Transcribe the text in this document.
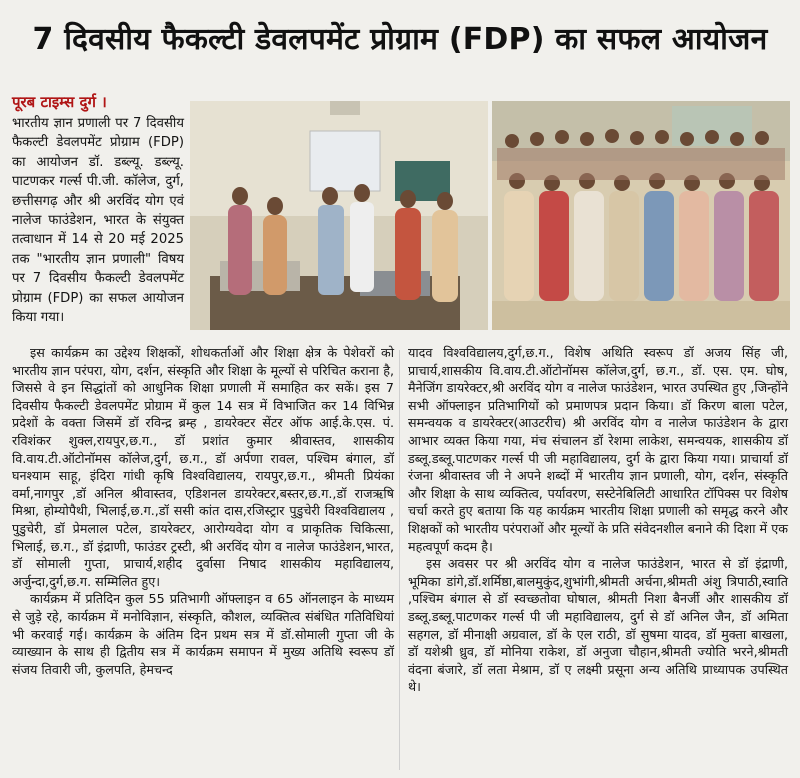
7 दिवसीय फैकल्टी डेवलपमेंट प्रोग्राम (FDP) का सफल आयोजन
पूरब टाइम्स दुर्ग ।

भारतीय ज्ञान प्रणाली पर 7 दिवसीय फैकल्टी डेवलपमेंट प्रोग्राम (FDP) का आयोजन डॉ. डब्ल्यू. डब्ल्यू. पाटणकर गर्ल्स पी.जी. कॉलेज, दुर्ग, छत्तीसगढ़ और श्री अरविंद योग एवं नालेज फाउंडेशन, भारत के संयुक्त तत्वाधान में 14 से 20 मई 2025 तक "भारतीय ज्ञान प्रणाली" विषय पर 7 दिवसीय फैकल्टी डेवलपमेंट प्रोग्राम (FDP) का सफल आयोजन किया गया।

इस कार्यक्रम का उद्देश्य शिक्षकों, शोधकर्ताओं और शिक्षा क्षेत्र के पेशेवरों को भारतीय ज्ञान परंपरा, योग, दर्शन, संस्कृति और शिक्षा के मूल्यों से परिचित कराना है, जिससे वे इन सिद्धांतों को आधुनिक शिक्षा प्रणाली में समाहित कर सकें। इस 7 दिवसीय फैकल्टी डेवलपमेंट प्रोग्राम में कुल 14 सत्र में विभाजित कर 14 विभिन्न प्रदेशों के वक्ता जिसमें डॉ रविन्द्र ब्रम्ह , डायरेक्टर सेंटर ऑफ आई.के.एस. पं. रविशंकर शुक्ल,रायपुर,छ.ग., डॉ प्रशांत कुमार श्रीवास्तव, शासकीय वि.वाय.टी.ऑटोनॉमस कॉलेज,दुर्ग, छ.ग., डॉ अर्पणा रावल, पश्चिम बंगाल, डॉ घनश्याम साहू, इंदिरा गांधी कृषि विश्वविद्यालय, रायपुर,छ.ग., श्रीमती प्रियंका वर्मा,नागपुर ,डॉ अनिल श्रीवास्तव, एडिशनल डायरेक्टर,बस्तर,छ.ग.,डॉ राजऋषि मिश्रा, होम्योपैथी, भिलाई,छ.ग.,डॉ ससी कांत दास,रजिस्ट्रार पुडुचेरी विश्वविद्यालय , पुडुचेरी, डॉ प्रेमलाल पटेल, डायरेक्टर, आरोग्यवेदा योग व प्राकृतिक चिकित्सा, भिलाई, छ.ग., डॉ इंद्राणी, फाउंडर ट्रस्टी, श्री अरविंद योग व नालेज फाउंडेशन,भारत, डॉ सोमाली गुप्ता, प्राचार्य,शहीद दुर्वासा निषाद शासकीय महाविद्यालय, अर्जुन्दा,दुर्ग,छ.ग. सम्मिलित हुए।

कार्यक्रम में प्रतिदिन कुल 55 प्रतिभागी ऑफ्लाइन व 65 ऑनलाइन के माध्यम से जुड़े रहे, कार्यक्रम में मनोविज्ञान, संस्कृति, कौशल, व्यक्तित्व संबंधित गतिविधियां भी करवाई गई। कार्यक्रम के अंतिम दिन प्रथम सत्र में डॉ.सोमाली गुप्ता जी के व्याख्यान के साथ ही द्वितीय सत्र में कार्यक्रम समापन में मुख्य अतिथि स्वरूप डॉ संजय तिवारी जी, कुलपति, हेमचन्द

यादव विश्वविद्यालय,दुर्ग,छ.ग., विशेष अथिति स्वरूप डॉ अजय सिंह जी, प्राचार्य,शासकीय वि.वाय.टी.ऑटोनॉमस कॉलेज,दुर्ग, छ.ग., डॉ. एस. एम. घोष, मैनेजिंग डायरेक्टर,श्री अरविंद योग व नालेज फाउंडेशन, भारत उपस्थित हुए ,जिन्होंने सभी ऑफ्लाइन प्रतिभागियों को प्रमाणपत्र प्रदान किया। डॉ किरण बाला पटेल, समन्वयक व डायरेक्टर(आउटरीच) श्री अरविंद योग व नालेज फाउंडेशन के द्वारा आभार व्यक्त किया गया, मंच संचालन डॉ रेशमा लाकेश, समन्वयक, शासकीय डॉ डब्लू.डब्लू.पाटणकर गर्ल्स पी जी महाविद्यालय, दुर्ग के द्वारा किया गया। प्राचार्या डॉ रंजना श्रीवास्तव जी ने अपने शब्दों में भारतीय ज्ञान प्रणाली, योग, दर्शन, संस्कृति और शिक्षा के साथ व्यक्तित्व, पर्यावरण, सस्टेनेबिलिटी आधारित टॉपिक्स पर विशेष चर्चा करते हुए बताया कि यह कार्यक्रम भारतीय शिक्षा प्रणाली को समृद्ध करने और शिक्षकों को भारतीय परंपराओं और मूल्यों के प्रति संवेदनशील बनाने की दिशा में एक महत्वपूर्ण कदम है।

इस अवसर पर श्री अरविंद योग व नालेज फाउंडेशन, भारत से डॉ इंद्राणी, भूमिका डांगे,डॉ.शर्मिष्ठा,बालमुकुंद,शुभांगी,श्रीमती अर्चना,श्रीमती अंशु त्रिपाठी,स्वाति ,पश्चिम बंगाल से डॉ स्वच्छतोवा घोषाल, श्रीमती निशा बैनर्जी और शासकीय डॉ डब्लू.डब्लू.पाटणकर गर्ल्स पी जी महाविद्यालय, दुर्ग से डॉ अनिल जैन, डॉ अमिता सहगल, डॉ मीनाक्षी अग्रवाल, डॉ के एल राठी, डॉ सुषमा यादव, डॉ मुक्ता बाखला, डॉ यशेश्री ध्रुव, डॉ मोनिया राकेश, डॉ अनुजा चौहान,श्रीमती ज्योति भरने,श्रीमती वंदना बंजारे, डॉ लता मेश्राम, डॉ ए लक्ष्मी प्रसूना अन्य अतिथि प्राध्यापक उपस्थित थे।
